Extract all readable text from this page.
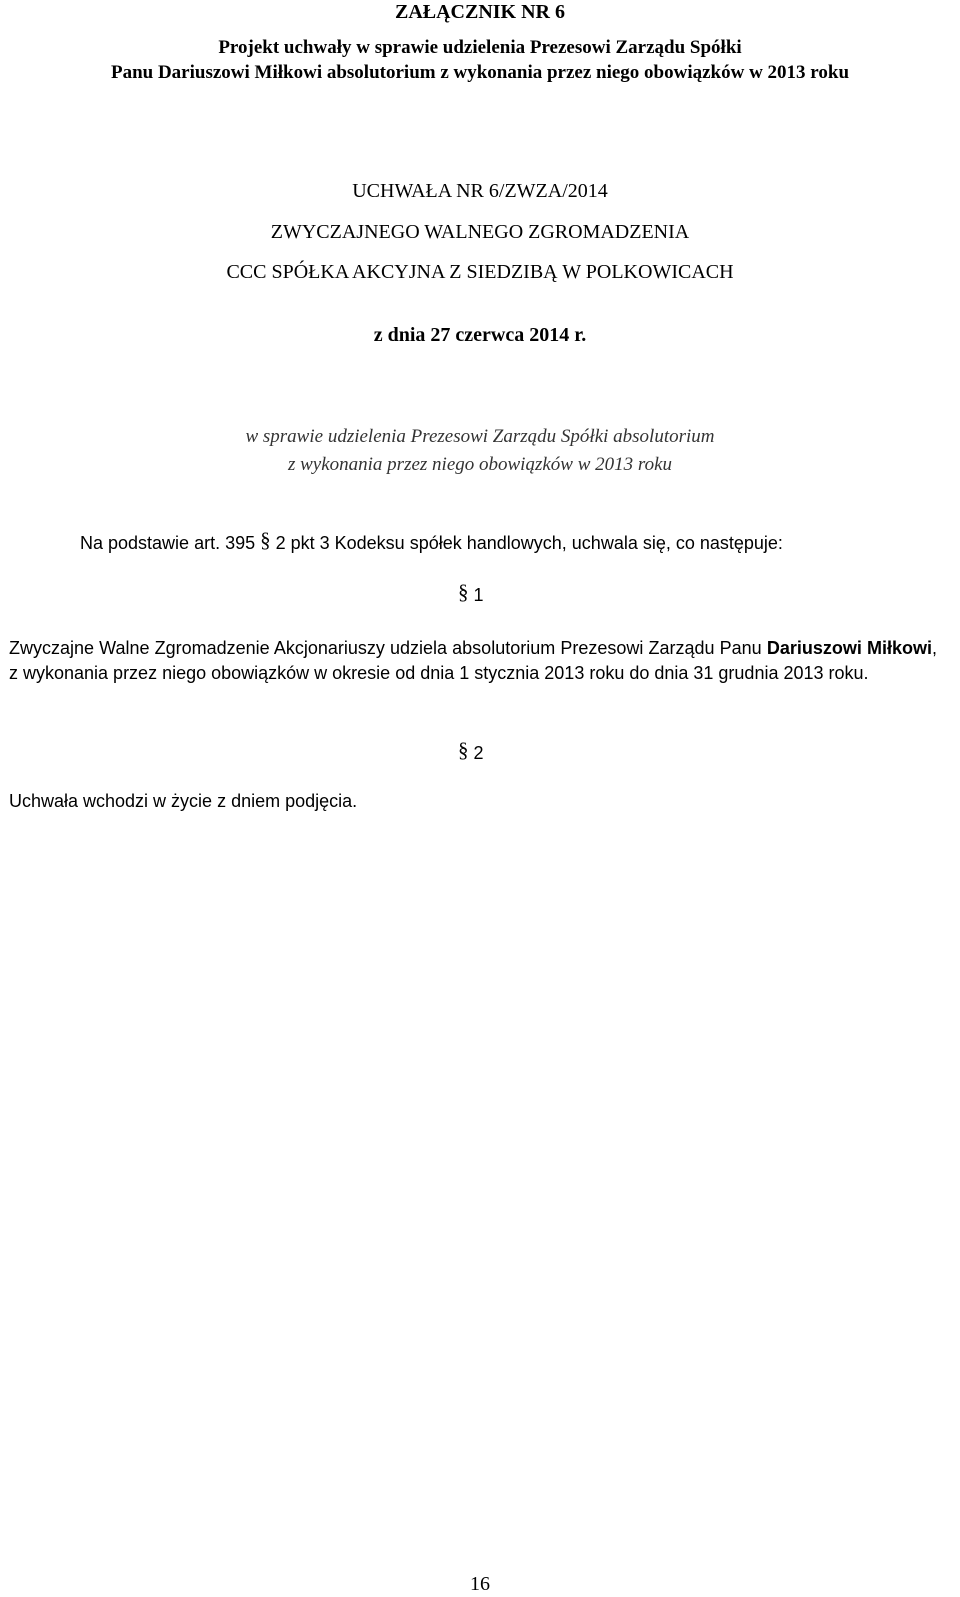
ZAŁĄCZNIK NR 6
Projekt uchwały w sprawie udzielenia Prezesowi Zarządu Spółki
Panu Dariuszowi Miłkowi absolutorium z wykonania przez niego obowiązków w 2013 roku
UCHWAŁA NR 6/ZWZA/2014
ZWYCZAJNEGO WALNEGO ZGROMADZENIA
CCC SPÓŁKA AKCYJNA Z SIEDZIBĄ W POLKOWICACH
z dnia 27 czerwca 2014 r.
w sprawie udzielenia Prezesowi Zarządu Spółki absolutorium
z wykonania przez niego obowiązków w 2013 roku
Na podstawie art. 395 § 2 pkt 3 Kodeksu spółek handlowych, uchwala się, co następuje:
§ 1
Zwyczajne Walne Zgromadzenie Akcjonariuszy udziela absolutorium Prezesowi Zarządu Panu Dariuszowi Miłkowi, z wykonania przez niego obowiązków w okresie od dnia 1 stycznia 2013 roku do dnia 31 grudnia 2013 roku.
§ 2
Uchwała wchodzi w życie z dniem podjęcia.
16
